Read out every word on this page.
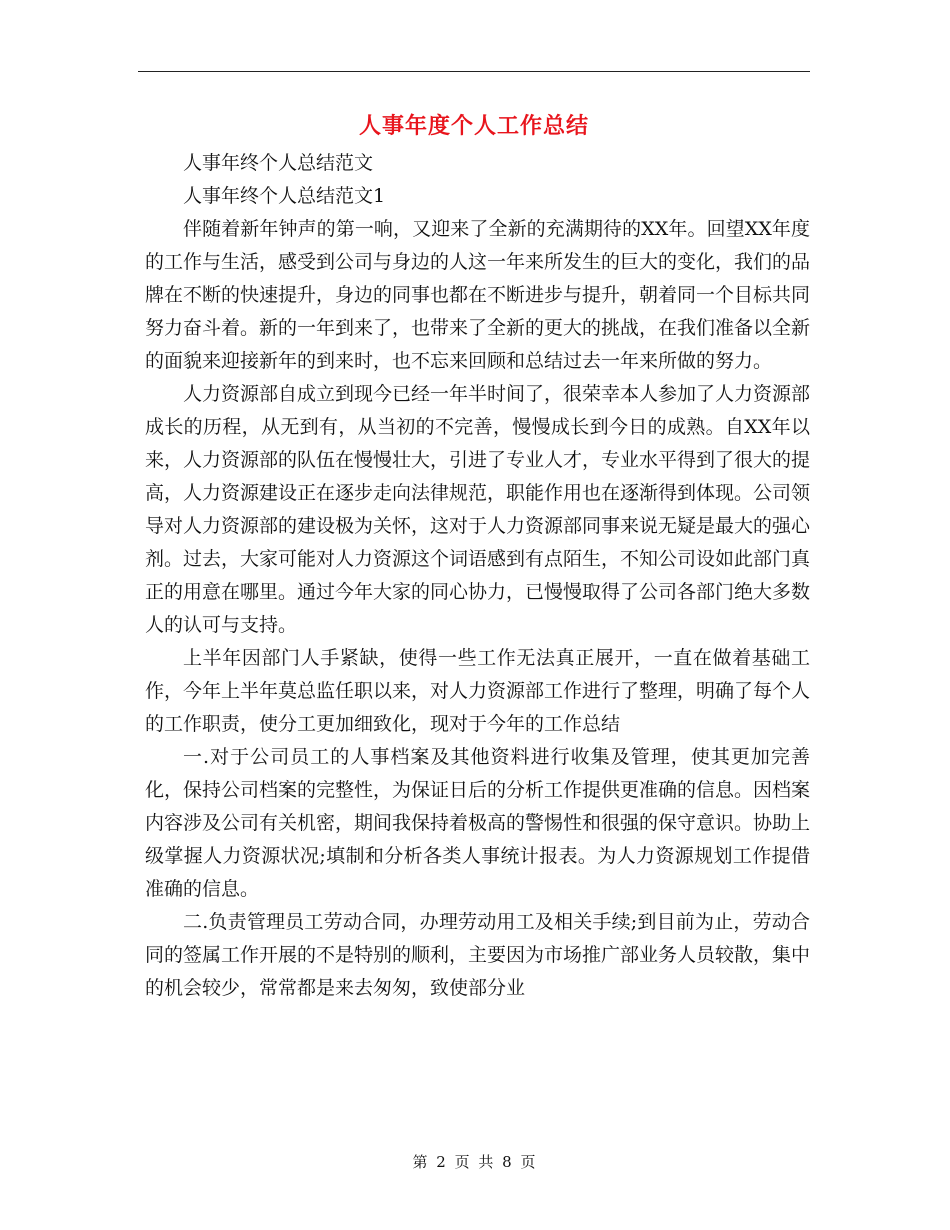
人事年度个人工作总结

人事年终个人总结范文

人事年终个人总结范文1

伴随着新年钟声的第一响，又迎来了全新的充满期待的XX年。回望XX年度的工作与生活，感受到公司与身边的人这一年来所发生的巨大的变化，我们的品牌在不断的快速提升，身边的同事也都在不断进步与提升，朝着同一个目标共同努力奋斗着。新的一年到来了，也带来了全新的更大的挑战，在我们准备以全新的面貌来迎接新年的到来时，也不忘来回顾和总结过去一年来所做的努力。

人力资源部自成立到现今已经一年半时间了，很荣幸本人参加了人力资源部成长的历程，从无到有，从当初的不完善，慢慢成长到今日的成熟。自XX年以来，人力资源部的队伍在慢慢壮大，引进了专业人才，专业水平得到了很大的提高，人力资源建设正在逐步走向法律规范，职能作用也在逐渐得到体现。公司领导对人力资源部的建设极为关怀，这对于人力资源部同事来说无疑是最大的强心剂。过去，大家可能对人力资源这个词语感到有点陌生，不知公司设如此部门真正的用意在哪里。通过今年大家的同心协力，已慢慢取得了公司各部门绝大多数人的认可与支持。

上半年因部门人手紧缺，使得一些工作无法真正展开，一直在做着基础工作，今年上半年莫总监任职以来，对人力资源部工作进行了整理，明确了每个人的工作职责，使分工更加细致化，现对于今年的工作总结

一.对于公司员工的人事档案及其他资料进行收集及管理，使其更加完善化，保持公司档案的完整性，为保证日后的分析工作提供更准确的信息。因档案内容涉及公司有关机密，期间我保持着极高的警惕性和很强的保守意识。协助上级掌握人力资源状况;填制和分析各类人事统计报表。为人力资源规划工作提借准确的信息。

二.负责管理员工劳动合同，办理劳动用工及相关手续;到目前为止，劳动合同的签属工作开展的不是特别的顺利，主要因为市场推广部业务人员较散，集中的机会较少，常常都是来去匆匆，致使部分业

第 2 页 共 8 页
